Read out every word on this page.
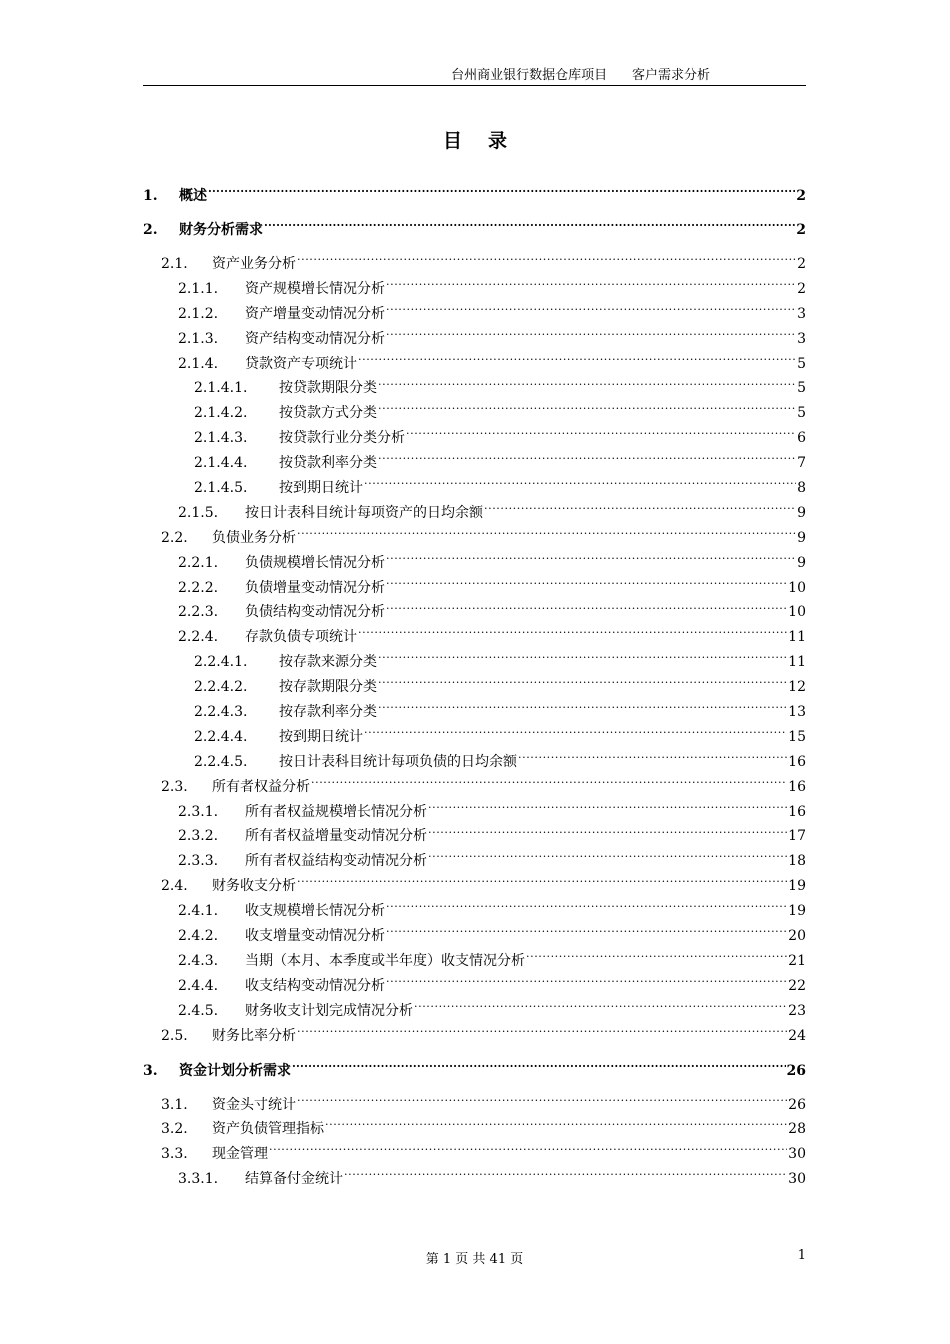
台州商业银行数据仓库项目 客户需求分析
目录
1.	概述 .....	2
2.	财务分析需求 .....	2
2.1.	资产业务分析 .....	2
2.1.1.	资产规模增长情况分析 .....	2
2.1.2.	资产增量变动情况分析 .....	3
2.1.3.	资产结构变动情况分析 .....	3
2.1.4.	贷款资产专项统计 .....	5
2.1.4.1.	按贷款期限分类 .....	5
2.1.4.2.	按贷款方式分类 .....	5
2.1.4.3.	按贷款行业分类分析 .....	6
2.1.4.4.	按贷款利率分类 .....	7
2.1.4.5.	按到期日统计 .....	8
2.1.5.	按日计表科目统计每项资产的日均余额 .....	9
2.2.	负债业务分析 .....	9
2.2.1.	负债规模增长情况分析 .....	9
2.2.2.	负债增量变动情况分析 .....	10
2.2.3.	负债结构变动情况分析 .....	10
2.2.4.	存款负债专项统计 .....	11
2.2.4.1.	按存款来源分类 .....	11
2.2.4.2.	按存款期限分类 .....	12
2.2.4.3.	按存款利率分类 .....	13
2.2.4.4.	按到期日统计 .....	15
2.2.4.5.	按日计表科目统计每项负债的日均余额 .....	16
2.3.	所有者权益分析 .....	16
2.3.1.	所有者权益规模增长情况分析 .....	16
2.3.2.	所有者权益增量变动情况分析 .....	17
2.3.3.	所有者权益结构变动情况分析 .....	18
2.4.	财务收支分析 .....	19
2.4.1.	收支规模增长情况分析 .....	19
2.4.2.	收支增量变动情况分析 .....	20
2.4.3.	当期（本月、本季度或半年度）收支情况分析 .....	21
2.4.4.	收支结构变动情况分析 .....	22
2.4.5.	财务收支计划完成情况分析 .....	23
2.5.	财务比率分析 .....	24
3.	资金计划分析需求 .....	26
3.1.	资金头寸统计 .....	26
3.2.	资产负债管理指标 .....	28
3.3.	现金管理 .....	30
3.3.1.	结算备付金统计 .....	30
第 1 页 共 41 页	1
